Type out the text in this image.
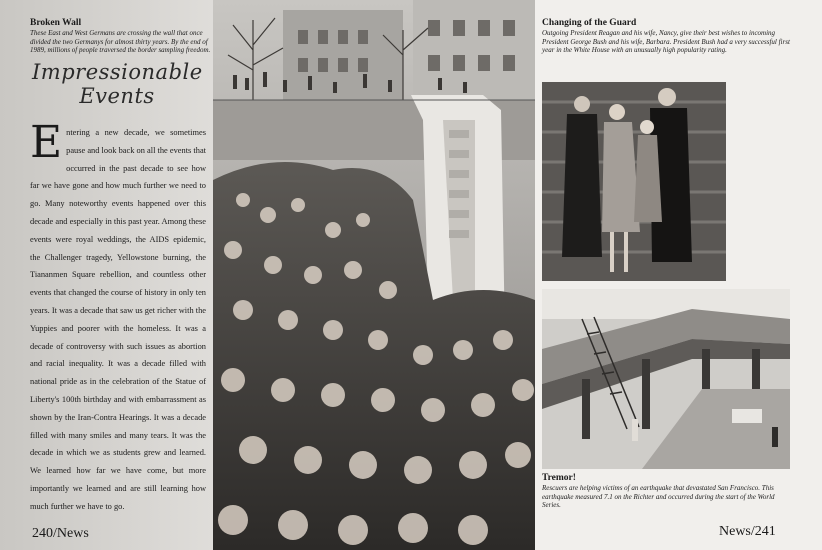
Broken Wall

These East and West Germans are crossing the wall that once divided the two Germanys for almost thirty years. By the end of 1989, millions of people traversed the border sampling freedom.

Impressionable
Events
Entering a new decade, we sometimes pause and look back on all the events that occurred in the past decade to see how far we have gone and how much further we need to go. Many noteworthy events happened over this decade and especially in this past year. Among these events were royal weddings, the AIDS epidemic, the Challenger tragedy, Yellowstone burning, the Tiananmen Square rebellion, and countless other events that changed the course of history in only ten years. It was a decade that saw us get richer with the Yuppies and poorer with the homeless. It was a decade of controversy with such issues as abortion and racial inequality. It was a decade filled with national pride as in the celebration of the Statue of Liberty's 100th birthday and with embarrassment as shown by the Iran-Contra Hearings. It was a decade filled with many smiles and many tears. It was the decade in which we as students grew and learned. We learned how far we have come, but more importantly we learned and are still learning how much further we have to go.
240/News

Changing of the Guard

Outgoing President Reagan and his wife, Nancy, give their best wishes to incoming President George Bush and his wife, Barbara. President Bush had a very successful first year in the White House with an unusually high popularity rating.

Tremor!

Rescuers are helping victims of an earthquake that devastated San Francisco. This earthquake measured 7.1 on the Richter and occurred during the start of the World Series.

News/241
